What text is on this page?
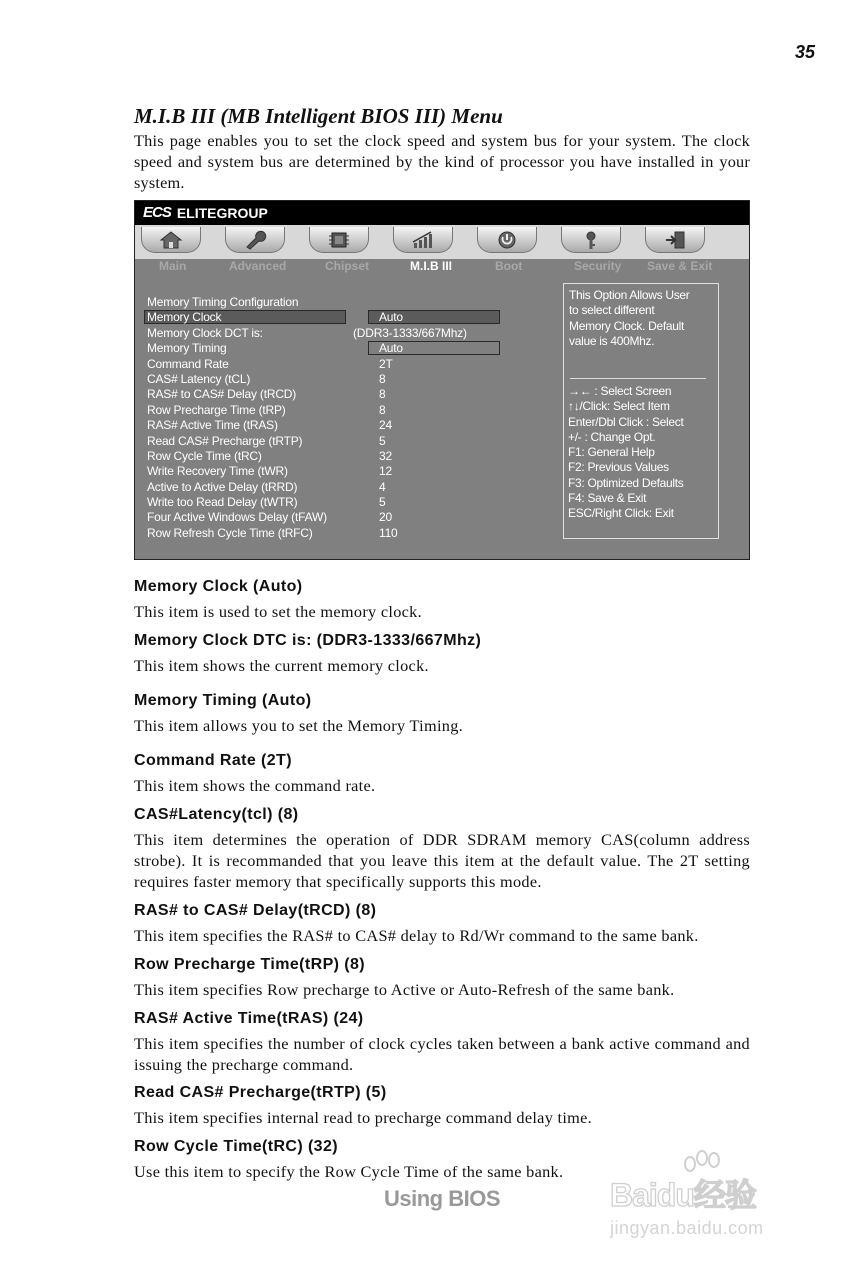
35
M.I.B III (MB Intelligent BIOS III) Menu

This page enables you to set the clock speed and system bus for your system. The clock speed and system bus are determined by the kind of processor you have installed in your system.

ECS ELITEGROUP
Main	Advanced	Chipset	M.I.B III	Boot	Security Save & Exit
Memory Timing Configuration
Memory Clock	Auto
Memory Clock DCT is:	(DDR3-1333/667Mhz)
Memory Timing	Auto
Command Rate	2T
CAS# Latency (tCL)	8
RAS# to CAS# Delay (tRCD)	8
Row Precharge Time (tRP)	8
RAS# Active Time (tRAS)	24
Read CAS# Precharge (tRTP)	5
Row Cycle Time (tRC)	32
Write Recovery Time (tWR)	12
Active to Active Delay (tRRD)	4
Write too Read Delay (tWTR)	5
Four Active Windows Delay (tFAW)	20
Row Refresh Cycle Time (tRFC)	110
This Option Allows User
to select different
Memory Clock. Default
value is 400Mhz.
→← : Select Screen
↑↓/Click: Select Item
Enter/Dbl Click : Select
+/- : Change Opt.
F1: General Help
F2: Previous Values
F3: Optimized Defaults
F4: Save & Exit
ESC/Right Click: Exit
Memory Clock (Auto)

This item is used to set the memory clock.

Memory Clock DTC is: (DDR3-1333/667Mhz)

This item shows the current memory clock.

Memory Timing (Auto)

This item allows you to set the Memory Timing.

Command Rate (2T)

This item shows the command rate.

CAS#Latency(tcl) (8)

This item determines the operation of DDR SDRAM memory CAS(column address strobe). It is recommanded that you leave this item at the default value. The 2T setting requires faster memory that specifically supports this mode.

RAS# to CAS# Delay(tRCD) (8)

This item specifies the RAS# to CAS# delay to Rd/Wr command to the same bank.

Row Precharge Time(tRP) (8)

This item specifies Row precharge to Active or Auto-Refresh of the same bank.

RAS# Active Time(tRAS) (24)

This item specifies the number of clock cycles taken between a bank active command and issuing the precharge command.

Read CAS# Precharge(tRTP) (5)

This item specifies internal read to precharge command delay time.

Row Cycle Time(tRC) (32)

Use this item to specify the Row Cycle Time of the same bank.

Using BIOS	Baidu经验
jingyan.baidu.com
